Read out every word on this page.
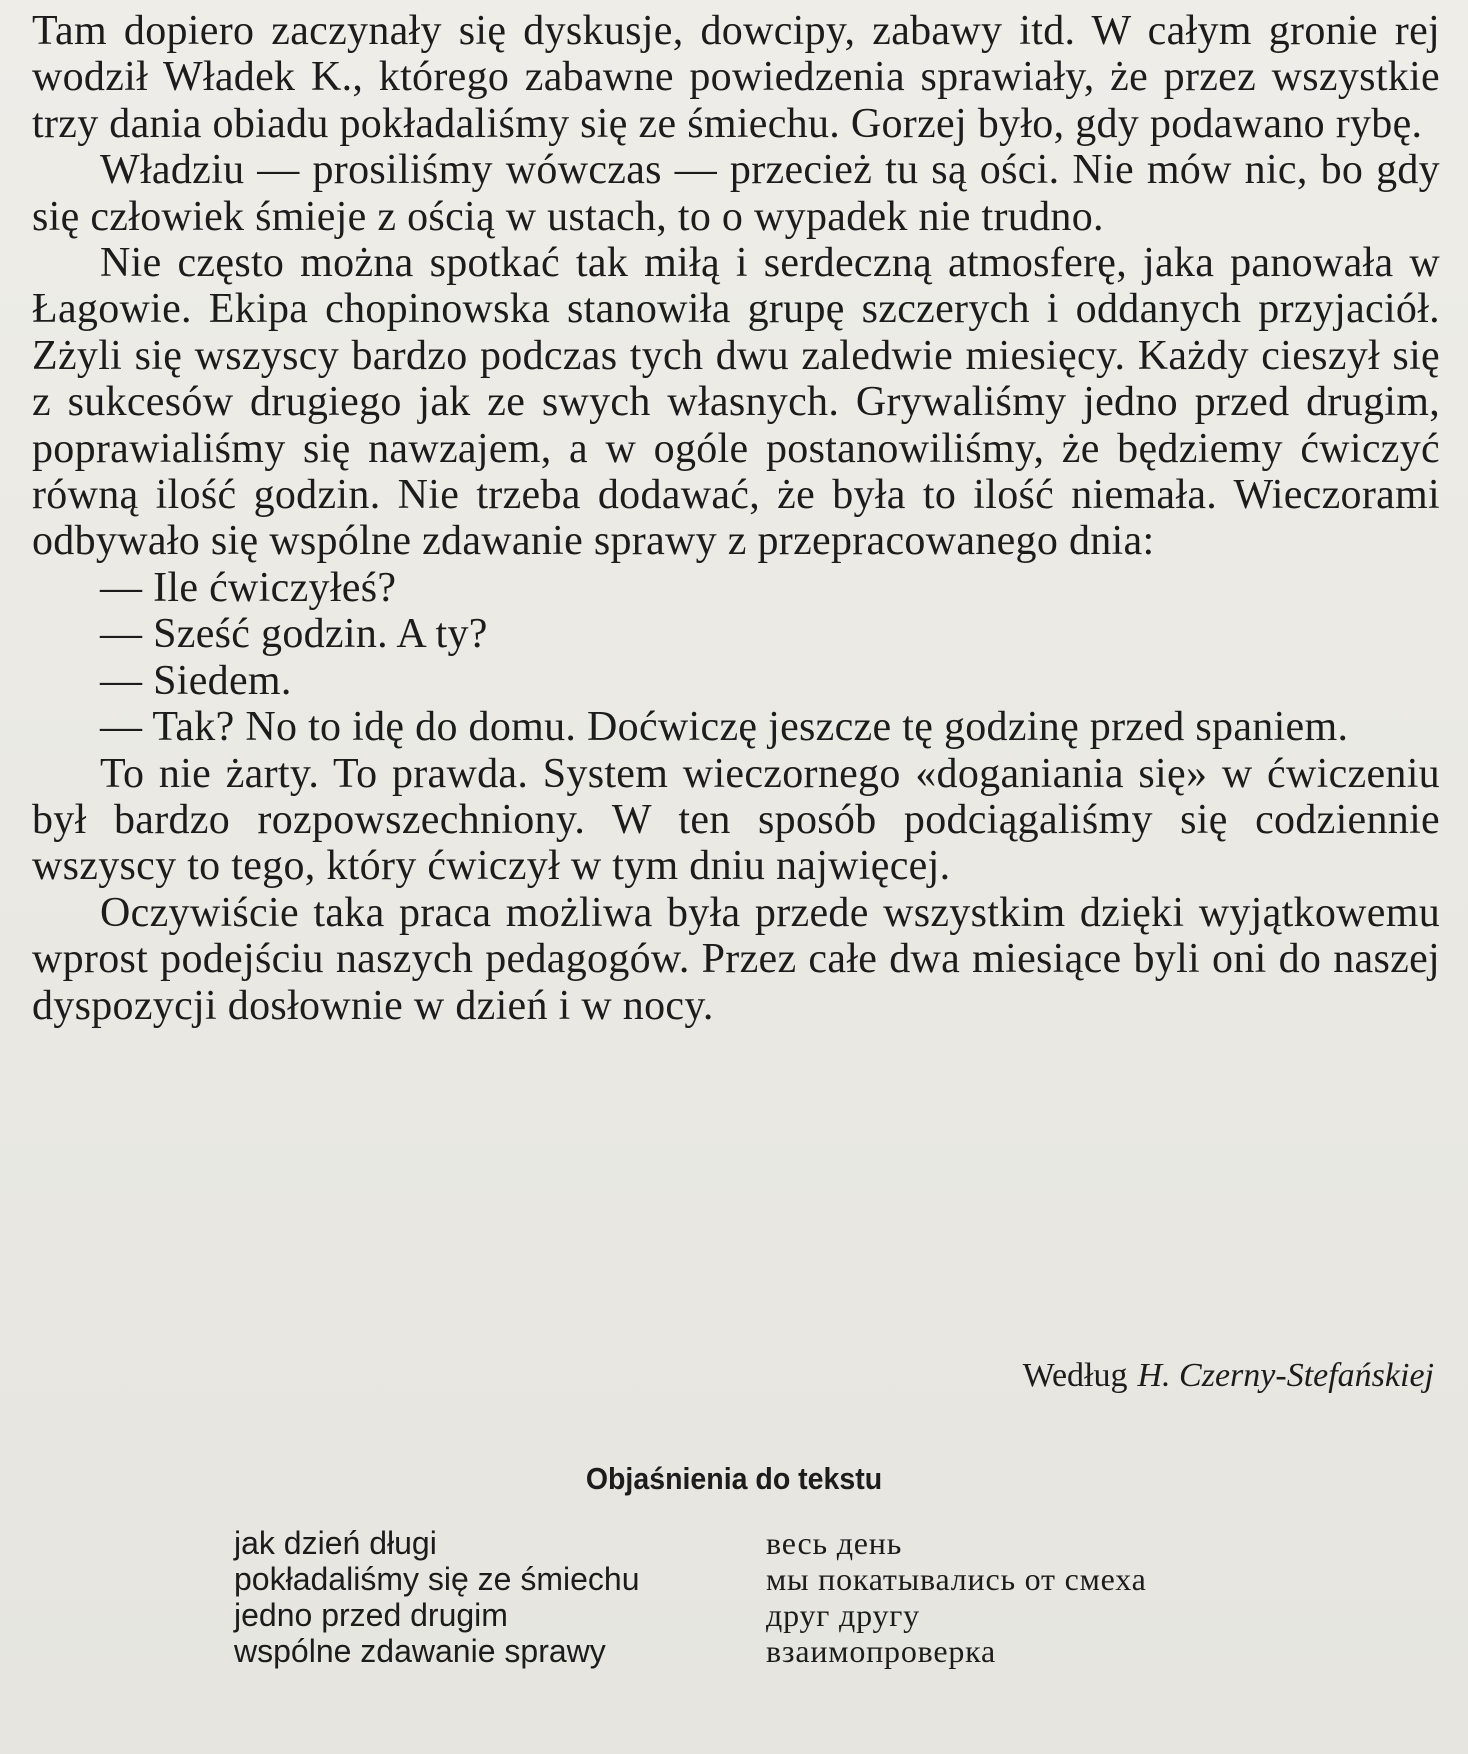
Tam dopiero zaczynały się dyskusje, dowcipy, zabawy itd. W całym gronie rej wodził Władek K., którego zabawne powiedzenia sprawiały, że przez wszystkie trzy dania obiadu pokładaliśmy się ze śmiechu. Gorzej było, gdy podawano rybę.

Władziu — prosiliśmy wówczas — przecież tu są ości. Nie mów nic, bo gdy się człowiek śmieje z ością w ustach, to o wypadek nie trudno.

Nie często można spotkać tak miłą i serdeczną atmosferę, jaka panowała w Łagowie. Ekipa chopinowska stanowiła grupę szczerych i oddanych przyjaciół. Zżyli się wszyscy bardzo podczas tych dwu zaledwie miesięcy. Każdy cieszył się z sukcesów drugiego jak ze swych własnych. Grywaliśmy jedno przed drugim, poprawialiśmy się nawzajem, a w ogóle postanowiliśmy, że będziemy ćwiczyć równą ilość godzin. Nie trzeba dodawać, że była to ilość niemała. Wieczorami odbywało się wspólne zdawanie sprawy z przepracowanego dnia:

— Ile ćwiczyłeś?

— Sześć godzin. A ty?

— Siedem.

— Tak? No to idę do domu. Doćwiczę jeszcze tę godzinę przed spaniem.

To nie żarty. To prawda. System wieczornego «doganiania się» w ćwiczeniu był bardzo rozpowszechniony. W ten sposób podciągaliśmy się codziennie wszyscy to tego, który ćwiczył w tym dniu najwięcej.

Oczywiście taka praca możliwa była przede wszystkim dzięki wyjątkowemu wprost podejściu naszych pedagogów. Przez całe dwa miesiące byli oni do naszej dyspozycji dosłownie w dzień i w nocy.

Według H. Czerny-Stefańskiej
Objaśnienia do tekstu
jak dzień długi	весь день
pokładaliśmy się ze śmiechu	мы покатывались от смеха
jedno przed drugim	друг другу
wspólne zdawanie sprawy	взаимопроверка
